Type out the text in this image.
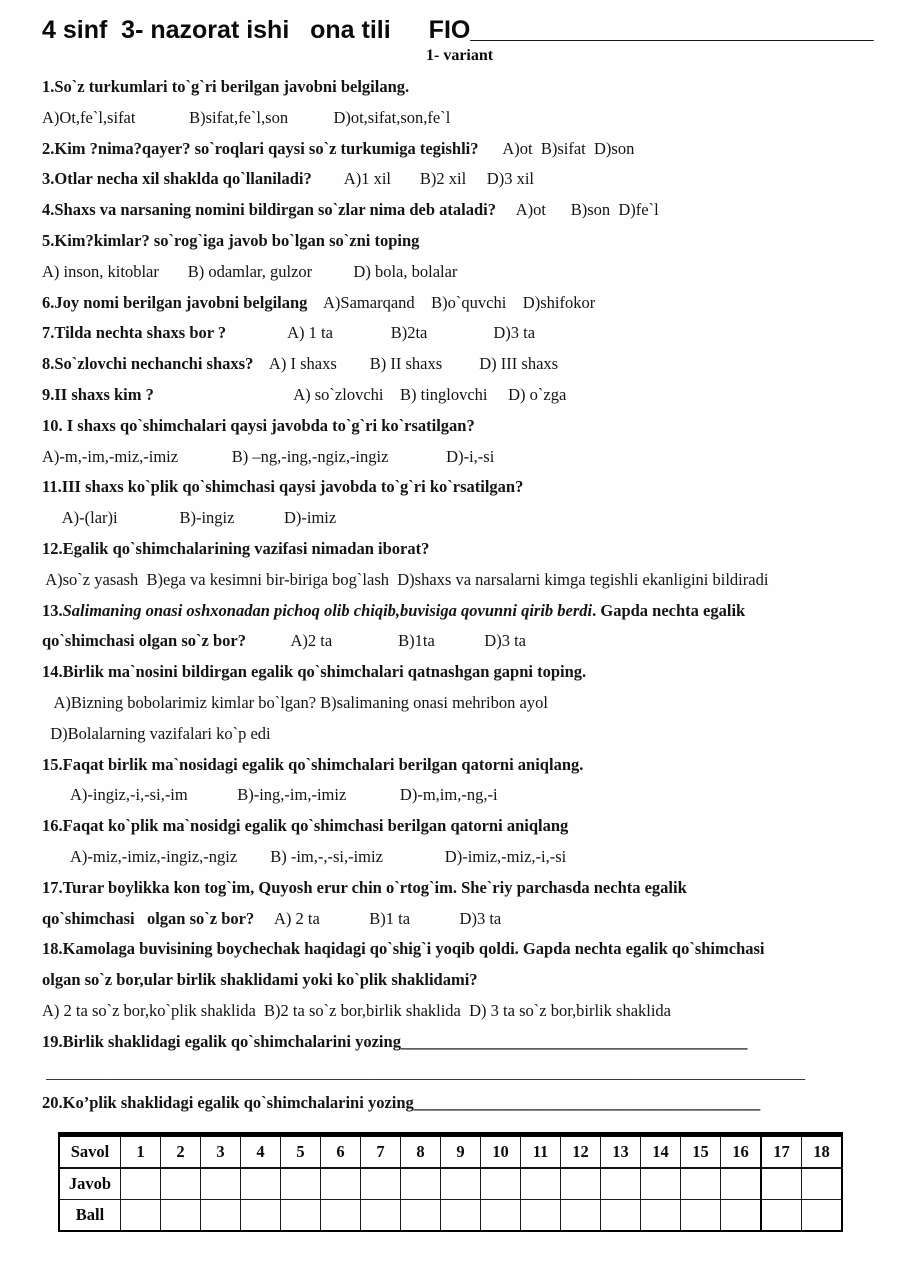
4 sinf  3- nazorat ishi   ona tili FIO_____________________________
1- variant
1.So`z turkumlari to`g`ri berilgan javobni belgilang.
A)Ot,fe`l,sifat             B)sifat,fe`l,son           D)ot,sifat,son,fe`l
2.Kim ?nima?qayer? so`roqlari qaysi so`z turkumiga tegishli?      A)ot  B)sifat  D)son
3.Otlar necha xil shaklda qo`llaniladi?        A)1 xil       B)2 xil     D)3 xil
4.Shaxs va narsaning nomini bildirgan so`zlar nima deb ataladi?     A)ot      B)son  D)fe`l
5.Kim?kimlar? so`rog`iga javob bo`lgan so`zni toping
A) inson, kitoblar       B) odamlar, gulzor          D) bola, bolalar
6.Joy nomi berilgan javobni belgilang    A)Samarqand    B)o`quvchi    D)shifokor
7.Tilda nechta shaxs bor ?               A) 1 ta              B)2ta                D)3 ta
8.So`zlovchi nechanchi shaxs?    A) I shaxs        B) II shaxs         D) III shaxs
9.II shaxs kim ?                                  A) so`zlovchi    B) tinglovchi     D) o`zga
10. I shaxs qo`shimchalari qaysi javobda to`g`ri ko`rsatilgan?
A)-m,-im,-miz,-imiz             B) –ng,-ing,-ngiz,-ingiz              D)-i,-si
11.III shaxs ko`plik qo`shimchasi qaysi javobda to`g`ri ko`rsatilgan?
A)-(lar)i               B)-ingiz            D)-imiz
12.Egalik qo`shimchalarining vazifasi nimadan iborat?
A)so`z yasash  B)ega va kesimni bir-biriga bog`lash  D)shaxs va narsalarni kimga tegishli ekanligini bildiradi
13.Salimaning onasi oshxonadan pichoq olib chiqib,buvisiga qovunni qirib berdi. Gapda nechta egalik
qo`shimchasi olgan so`z bor?           A)2 ta                B)1ta            D)3 ta
14.Birlik ma`nosini bildirgan egalik qo`shimchalari qatnashgan gapni toping.
A)Bizning bobolarimiz kimlar bo`lgan? B)salimaning onasi mehribon ayol
D)Bolalarning vazifalari ko`p edi
15.Faqat birlik ma`nosidagi egalik qo`shimchalari berilgan qatorni aniqlang.
A)-ingiz,-i,-si,-im            B)-ing,-im,-imiz             D)-m,im,-ng,-i
16.Faqat ko`plik ma`nosidgi egalik qo`shimchasi berilgan qatorni aniqlang
A)-miz,-imiz,-ingiz,-ngiz        B) -im,-,-si,-imiz               D)-imiz,-miz,-i,-si
17.Turar boylikka kon tog`im, Quyosh erur chin o`rtog`im. She`riy parchasda nechta egalik
qo`shimchasi   olgan so`z bor?     A) 2 ta            B)1 ta            D)3 ta
18.Kamolaga buvisining boychechak haqidagi qo`shig`i yoqib qoldi. Gapda nechta egalik qo`shimchasi
olgan so`z bor,ular birlik shaklidami yoki ko`plik shaklidami?
A) 2 ta so`z bor,ko`plik shaklida  B)2 ta so`z bor,birlik shaklida  D) 3 ta so`z bor,birlik shaklida
19.Birlik shaklidagi egalik qo`shimchalarini yozing__________________________________________
____________________________________________________________________________________________
20.Ko’plik shaklidagi egalik qo`shimchalarini yozing__________________________________________
Savol	1	2	3	4	5	6	7	8	9	10	11	12	13	14	15	16	17	18
Javob																		
Ball																		
